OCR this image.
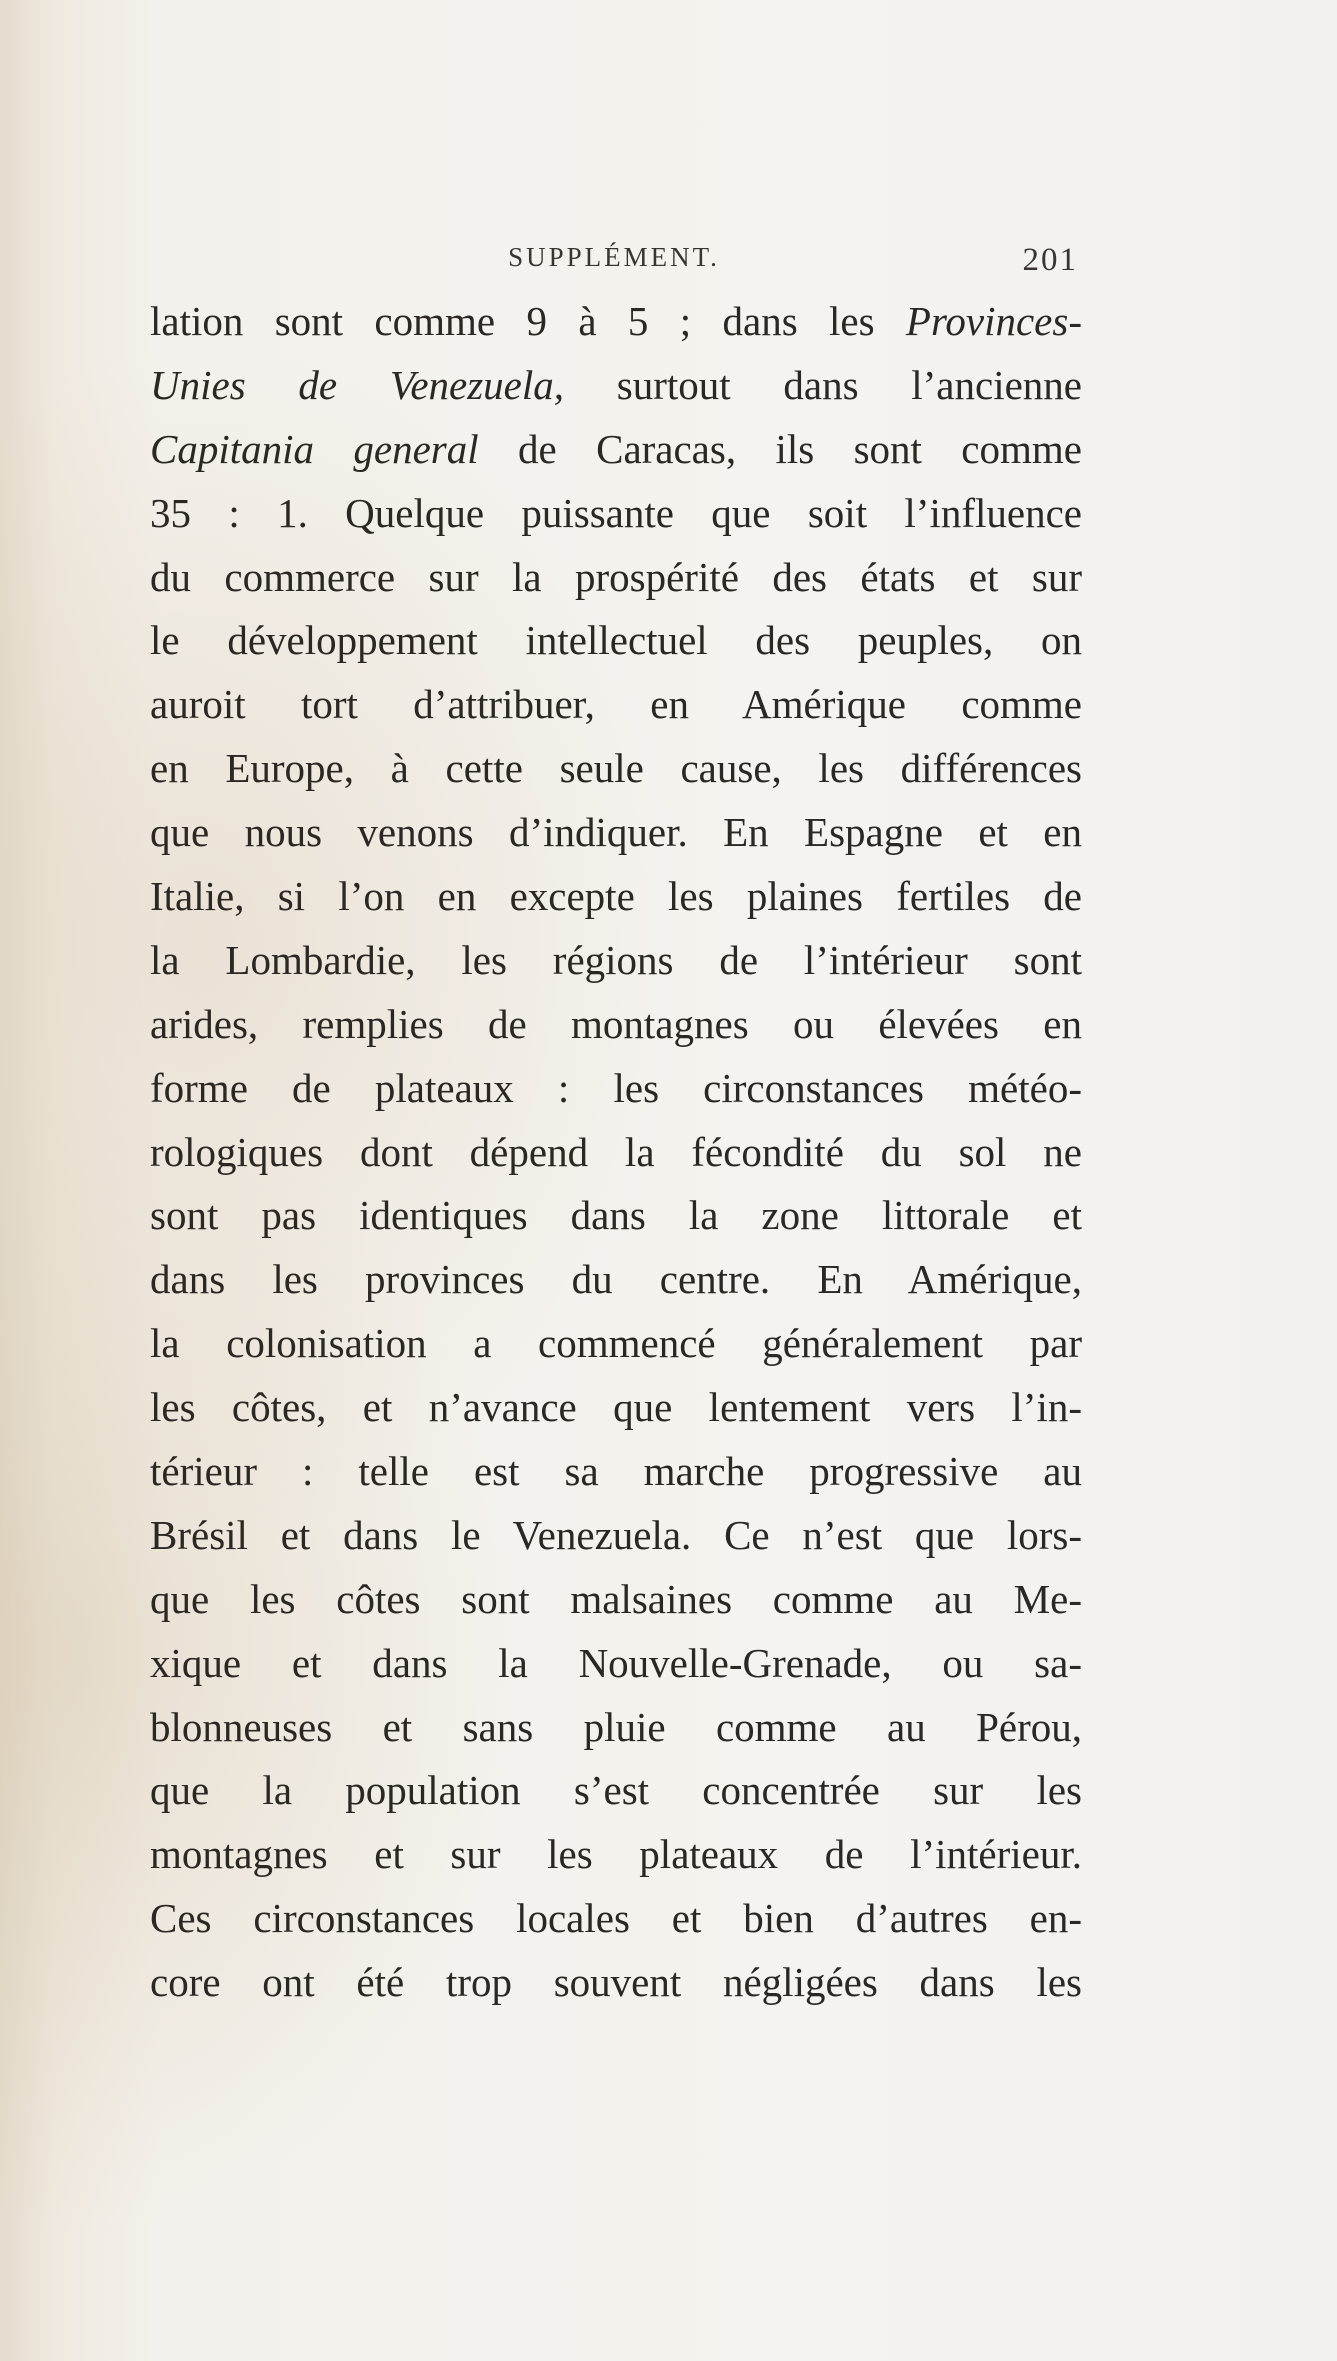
SUPPLÉMENT.	201
lation sont comme 9 à 5 ; dans les Provinces-
Unies de Venezuela, surtout dans l’ancienne
Capitania general de Caracas, ils sont comme
35 : 1. Quelque puissante que soit l’influence
du commerce sur la prospérité des états et sur
le développement intellectuel des peuples, on
auroit tort d’attribuer, en Amérique comme
en Europe, à cette seule cause, les différences
que nous venons d’indiquer. En Espagne et en
Italie, si l’on en excepte les plaines fertiles de
la Lombardie, les régions de l’intérieur sont
arides, remplies de montagnes ou élevées en
forme de plateaux : les circonstances météo-
rologiques dont dépend la fécondité du sol ne
sont pas identiques dans la zone littorale et
dans les provinces du centre. En Amérique,
la colonisation a commencé généralement par
les côtes, et n’avance que lentement vers l’in-
térieur : telle est sa marche progressive au
Brésil et dans le Venezuela. Ce n’est que lors-
que les côtes sont malsaines comme au Me-
xique et dans la Nouvelle-Grenade, ou sa-
blonneuses et sans pluie comme au Pérou,
que la population s’est concentrée sur les
montagnes et sur les plateaux de l’intérieur.
Ces circonstances locales et bien d’autres en-
core ont été trop souvent négligées dans les
